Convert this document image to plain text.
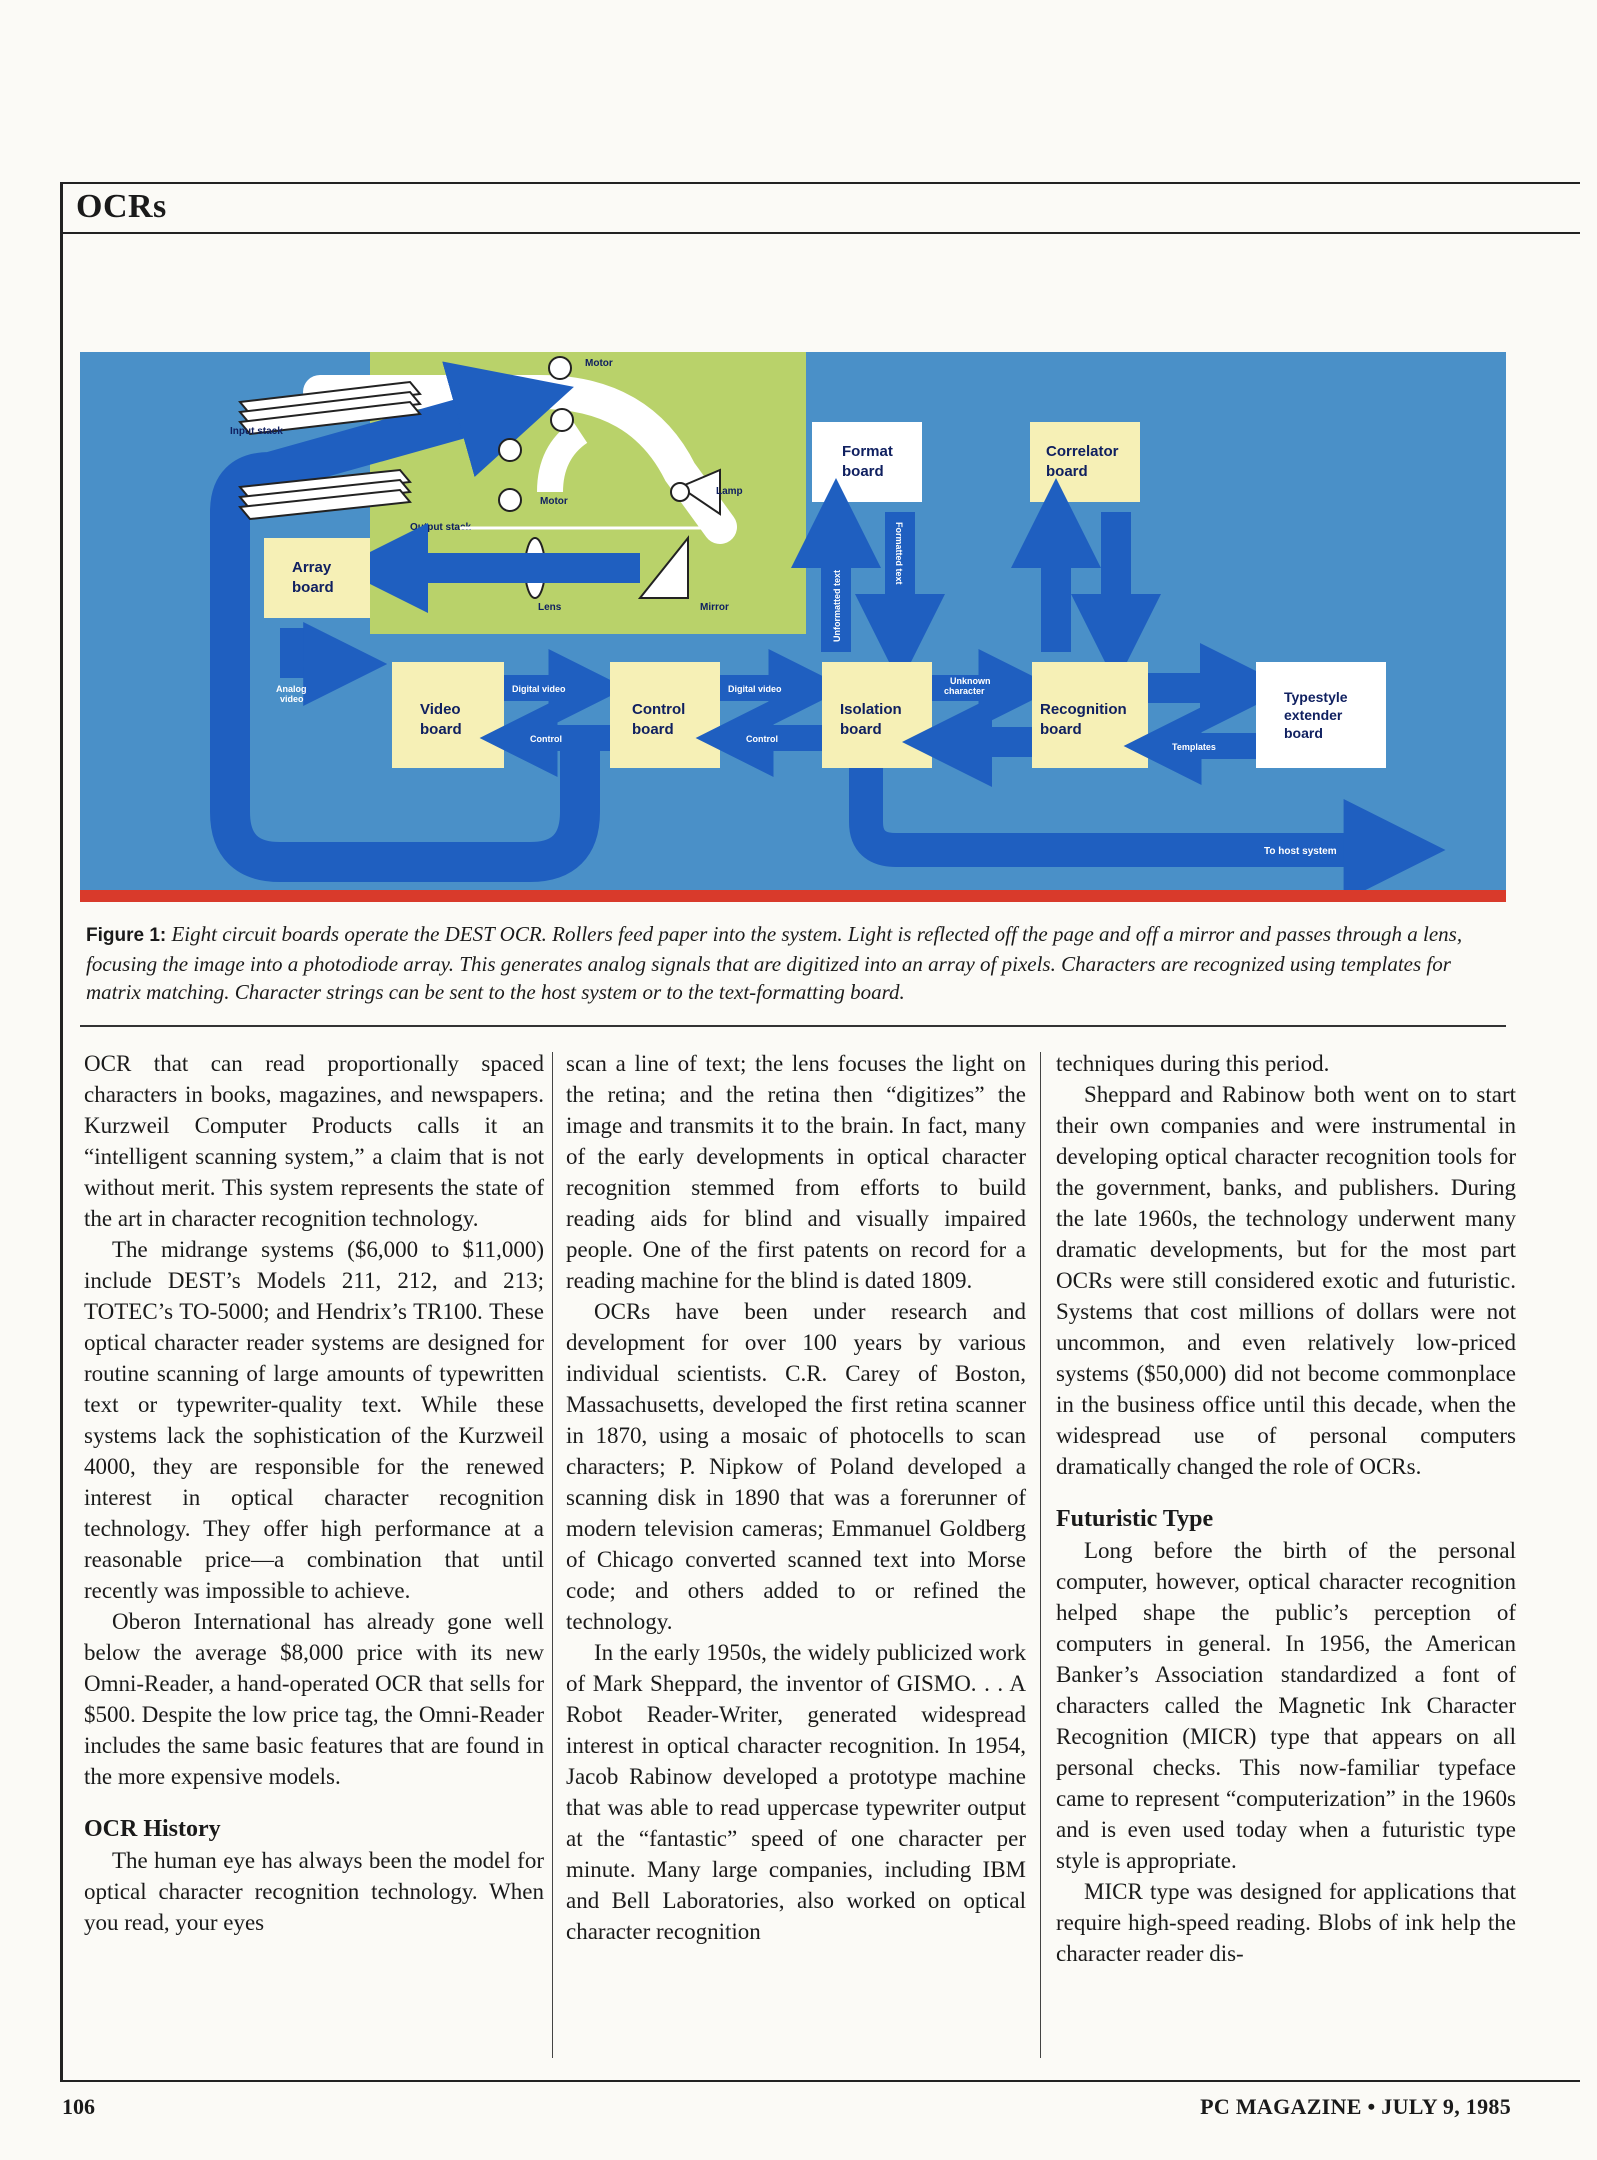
OCRs
Input stack
Output stack
Motor
Motor
Lamp
Lens	Mirror
Array
board
Analog
video
Video
board
Digital video
Control
Control
board
Digital video
Control
Format
board
Unformatted text
Formatted text
Isolation
board
Unknown
character
Correlator
board
Recognition
board
Templates
Typestyle
extender
board
To host system
Figure 1: Eight circuit boards operate the DEST OCR. Rollers feed paper into the system. Light is reflected off the page and off a mirror and passes through a lens, focusing the image into a photodiode array. This generates analog signals that are digitized into an array of pixels. Characters are recognized using templates for matrix matching. Character strings can be sent to the host system or to the text-formatting board.

OCR that can read proportionally spaced characters in books, magazines, and newspapers. Kurzweil Computer Products calls it an “intelligent scanning system,” a claim that is not without merit. This system represents the state of the art in character recognition technology.

The midrange systems ($6,000 to $11,000) include DEST’s Models 211, 212, and 213; TOTEC’s TO-5000; and Hendrix’s TR100. These optical character reader systems are designed for routine scanning of large amounts of typewritten text or typewriter-quality text. While these systems lack the sophistication of the Kurzweil 4000, they are responsible for the renewed interest in optical character recognition technology. They offer high performance at a reasonable price—a combination that until recently was impossible to achieve.

Oberon International has already gone well below the average $8,000 price with its new Omni-Reader, a hand-operated OCR that sells for $500. Despite the low price tag, the Omni-Reader includes the same basic features that are found in the more expensive models.

OCR History

The human eye has always been the model for optical character recognition technology. When you read, your eyes

scan a line of text; the lens focuses the light on the retina; and the retina then “digitizes” the image and transmits it to the brain. In fact, many of the early developments in optical character recognition stemmed from efforts to build reading aids for blind and visually impaired people. One of the first patents on record for a reading machine for the blind is dated 1809.

OCRs have been under research and development for over 100 years by various individual scientists. C.R. Carey of Boston, Massachusetts, developed the first retina scanner in 1870, using a mosaic of photocells to scan characters; P. Nipkow of Poland developed a scanning disk in 1890 that was a forerunner of modern television cameras; Emmanuel Goldberg of Chicago converted scanned text into Morse code; and others added to or refined the technology.

In the early 1950s, the widely publicized work of Mark Sheppard, the inventor of GISMO. . . A Robot Reader-Writer, generated widespread interest in optical character recognition. In 1954, Jacob Rabinow developed a prototype machine that was able to read uppercase typewriter output at the “fantastic” speed of one character per minute. Many large companies, including IBM and Bell Laboratories, also worked on optical character recognition

techniques during this period.

Sheppard and Rabinow both went on to start their own companies and were instrumental in developing optical character recognition tools for the government, banks, and publishers. During the late 1960s, the technology underwent many dramatic developments, but for the most part OCRs were still considered exotic and futuristic. Systems that cost millions of dollars were not uncommon, and even relatively low-priced systems ($50,000) did not become commonplace in the business office until this decade, when the widespread use of personal computers dramatically changed the role of OCRs.

Futuristic Type

Long before the birth of the personal computer, however, optical character recognition helped shape the public’s perception of computers in general. In 1956, the American Banker’s Association standardized a font of characters called the Magnetic Ink Character Recognition (MICR) type that appears on all personal checks. This now-familiar typeface came to represent “computerization” in the 1960s and is even used today when a futuristic type style is appropriate.

MICR type was designed for applications that require high-speed reading. Blobs of ink help the character reader dis-

106	PC MAGAZINE • JULY 9, 1985
